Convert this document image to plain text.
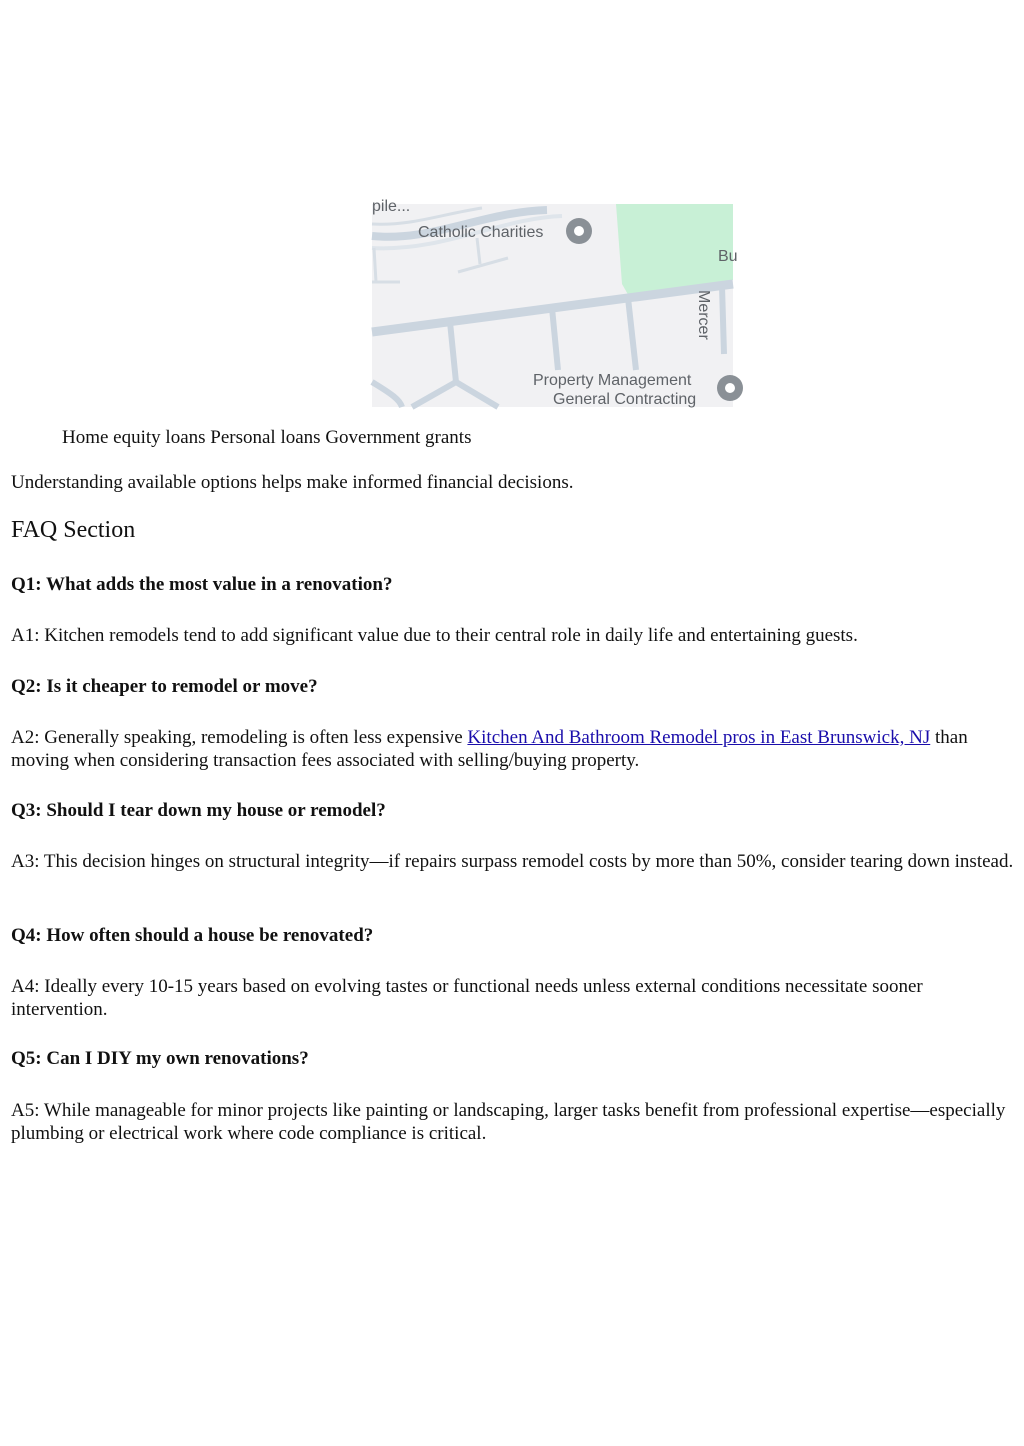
pile...
Catholic Charities
Bu
Mercer
Property Management
General Contracting
Home equity loans Personal loans Government grants

Understanding available options helps make informed financial decisions.

FAQ Section
Q1: What adds the most value in a renovation?

A1: Kitchen remodels tend to add significant value due to their central role in daily life and entertaining guests.

Q2: Is it cheaper to remodel or move?

A2: Generally speaking, remodeling is often less expensive Kitchen And Bathroom Remodel pros in East Brunswick, NJ than moving when considering transaction fees associated with selling/buying property.

Q3: Should I tear down my house or remodel?

A3: This decision hinges on structural integrity—if repairs surpass remodel costs by more than 50%, consider tearing down instead.

Q4: How often should a house be renovated?

A4: Ideally every 10-15 years based on evolving tastes or functional needs unless external conditions necessitate sooner intervention.

Q5: Can I DIY my own renovations?

A5: While manageable for minor projects like painting or landscaping, larger tasks benefit from professional expertise—especially plumbing or electrical work where code compliance is critical.
